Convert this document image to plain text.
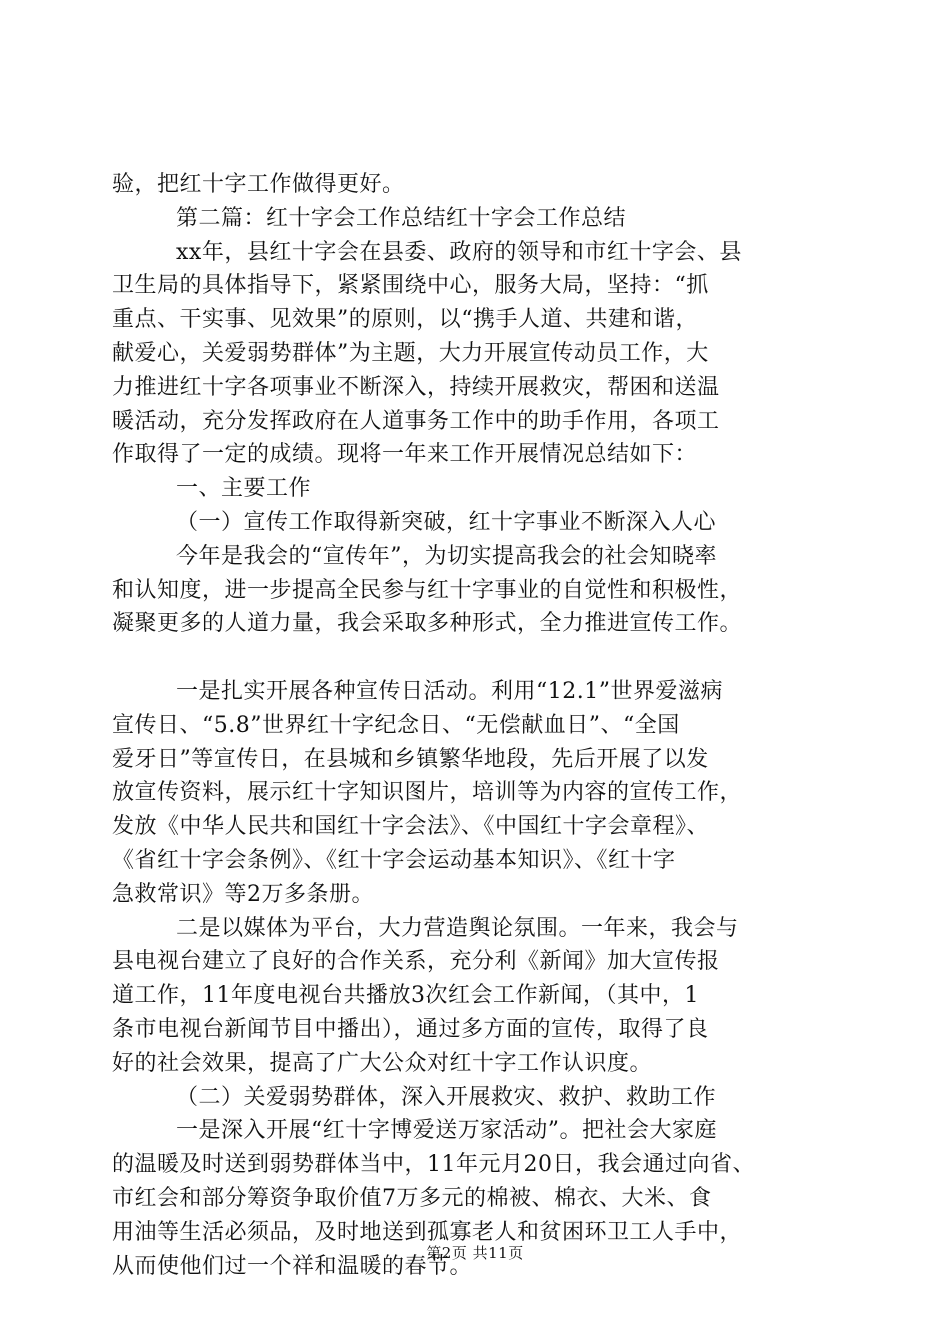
验，把红十字工作做得更好。
第二篇：红十字会工作总结红十字会工作总结
xx年，县红十字会在县委、政府的领导和市红十字会、县
卫生局的具体指导下，紧紧围绕中心，服务大局，坚持：“抓
重点、干实事、见效果”的原则，以“携手人道、共建和谐，
献爱心，关爱弱势群体”为主题，大力开展宣传动员工作，大
力推进红十字各项事业不断深入，持续开展救灾，帮困和送温
暖活动，充分发挥政府在人道事务工作中的助手作用，各项工
作取得了一定的成绩。现将一年来工作开展情况总结如下：
一、主要工作
（一）宣传工作取得新突破，红十字事业不断深入人心
今年是我会的“宣传年”，为切实提高我会的社会知晓率
和认知度，进一步提高全民参与红十字事业的自觉性和积极性，
凝聚更多的人道力量，我会采取多种形式，全力推进宣传工作。
一是扎实开展各种宣传日活动。利用“12.1”世界爱滋病
宣传日、“5.8”世界红十字纪念日、“无偿献血日”、“全国
爱牙日”等宣传日，在县城和乡镇繁华地段，先后开展了以发
放宣传资料，展示红十字知识图片，培训等为内容的宣传工作，
发放《中华人民共和国红十字会法》、《中国红十字会章程》、
《省红十字会条例》、《红十字会运动基本知识》、《红十字
急救常识》等2万多条册。
二是以媒体为平台，大力营造舆论氛围。一年来，我会与
县电视台建立了良好的合作关系，充分利《新闻》加大宣传报
道工作，11年度电视台共播放3次红会工作新闻，（其中，1
条市电视台新闻节目中播出），通过多方面的宣传，取得了良
好的社会效果，提高了广大公众对红十字工作认识度。
（二）关爱弱势群体，深入开展救灾、救护、救助工作
一是深入开展“红十字博爱送万家活动”。把社会大家庭
的温暖及时送到弱势群体当中，11年元月20日，我会通过向省、
市红会和部分筹资争取价值7万多元的棉被、棉衣、大米、食
用油等生活必须品，及时地送到孤寡老人和贫困环卫工人手中，
从而使他们过一个祥和温暖的春节。
第2页 共11页
